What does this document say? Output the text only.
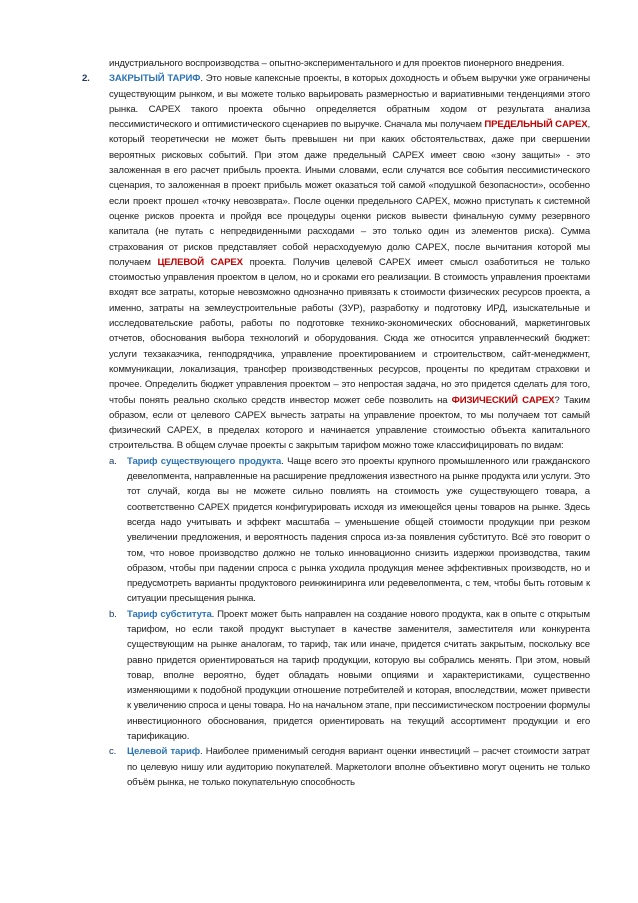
индустриального воспроизводства – опытно-экспериментального и для проектов пионерного внедрения.
2.	ЗАКРЫТЫЙ ТАРИФ. Это новые капексные проекты, в которых доходность и объем выручки уже ограничены существующим рынком, и вы можете только варьировать размерностью и вариативными тенденциями этого рынка. CAPEX такого проекта обычно определяется обратным ходом от результата анализа пессимистического и оптимистического сценариев по выручке. Сначала мы получаем ПРЕДЕЛЬНЫЙ CAPEX, который теоретически не может быть превышен ни при каких обстоятельствах, даже при свершении вероятных рисковых событий. При этом даже предельный CAPEX имеет свою «зону защиты» - это заложенная в его расчет прибыль проекта. Иными словами, если случатся все события пессимистического сценария, то заложенная в проект прибыль может оказаться той самой «подушкой безопасности», особенно если проект прошел «точку невозврата». После оценки предельного CAPEX, можно приступать к системной оценке рисков проекта и пройдя все процедуры оценки рисков вывести финальную сумму резервного капитала (не путать с непредвиденными расходами – это только один из элементов риска). Сумма страхования от рисков представляет собой нерасходуемую долю CAPEX, после вычитания которой мы получаем ЦЕЛЕВОЙ CAPEX проекта. Получив целевой CAPEX имеет смысл озаботиться не только стоимостью управления проектом в целом, но и сроками его реализации. В стоимость управления проектами входят все затраты, которые невозможно однозначно привязать к стоимости физических ресурсов проекта, а именно, затраты на землеустроительные работы (ЗУР), разработку и подготовку ИРД, изыскательные и исследовательские работы, работы по подготовке технико-экономических обоснований, маркетинговых отчетов, обоснования выбора технологий и оборудования. Сюда же относится управленческий бюджет: услуги техзаказчика, генподрядчика, управление проектированием и строительством, сайт-менеджмент, коммуникации, локализация, трансфер производственных ресурсов, проценты по кредитам страховки и прочее. Определить бюджет управления проектом – это непростая задача, но это придется сделать для того, чтобы понять реально сколько средств инвестор может себе позволить на ФИЗИЧЕСКИЙ CAPEX? Таким образом, если от целевого CAPEX вычесть затраты на управление проектом, то мы получаем тот самый физический CAPEX, в пределах которого и начинается управление стоимостью объекта капитального строительства. В общем случае проекты с закрытым тарифом можно тоже классифицировать по видам:
a.	Тариф существующего продукта. Чаще всего это проекты крупного промышленного или гражданского девелопмента, направленные на расширение предложения известного на рынке продукта или услуги. Это тот случай, когда вы не можете сильно повлиять на стоимость уже существующего товара, а соответственно CAPEX придется конфигурировать исходя из имеющейся цены товаров на рынке. Здесь всегда надо учитывать и эффект масштаба – уменьшение общей стоимости продукции при резком увеличении предложения, и вероятность падения спроса из-за появления субституто. Всё это говорит о том, что новое производство должно не только инновационно снизить издержки производства, таким образом, чтобы при падении спроса с рынка уходила продукция менее эффективных производств, но и предусмотреть варианты продуктового реинжиниринга или редевелопмента, с тем, чтобы быть готовым к ситуации пресыщения рынка.
b.	Тариф субститута. Проект может быть направлен на создание нового продукта, как в опыте с открытым тарифом, но если такой продукт выступает в качестве заменителя, заместителя или конкурента существующим на рынке аналогам, то тариф, так или иначе, придется считать закрытым, поскольку все равно придется ориентироваться на тариф продукции, которую вы собрались менять. При этом, новый товар, вполне вероятно, будет обладать новыми опциями и характеристиками, существенно изменяющими к подобной продукции отношение потребителей и которая, впоследствии, может привести к увеличению спроса и цены товара. Но на начальном этапе, при пессимистическом построении формулы инвестиционного обоснования, придется ориентировать на текущий ассортимент продукции и его тарификацию.
c.	Целевой тариф. Наиболее применимый сегодня вариант оценки инвестиций – расчет стоимости затрат по целевую нишу или аудиторию покупателей. Маркетологи вполне объективно могут оценить не только объём рынка, не только покупательную способность
